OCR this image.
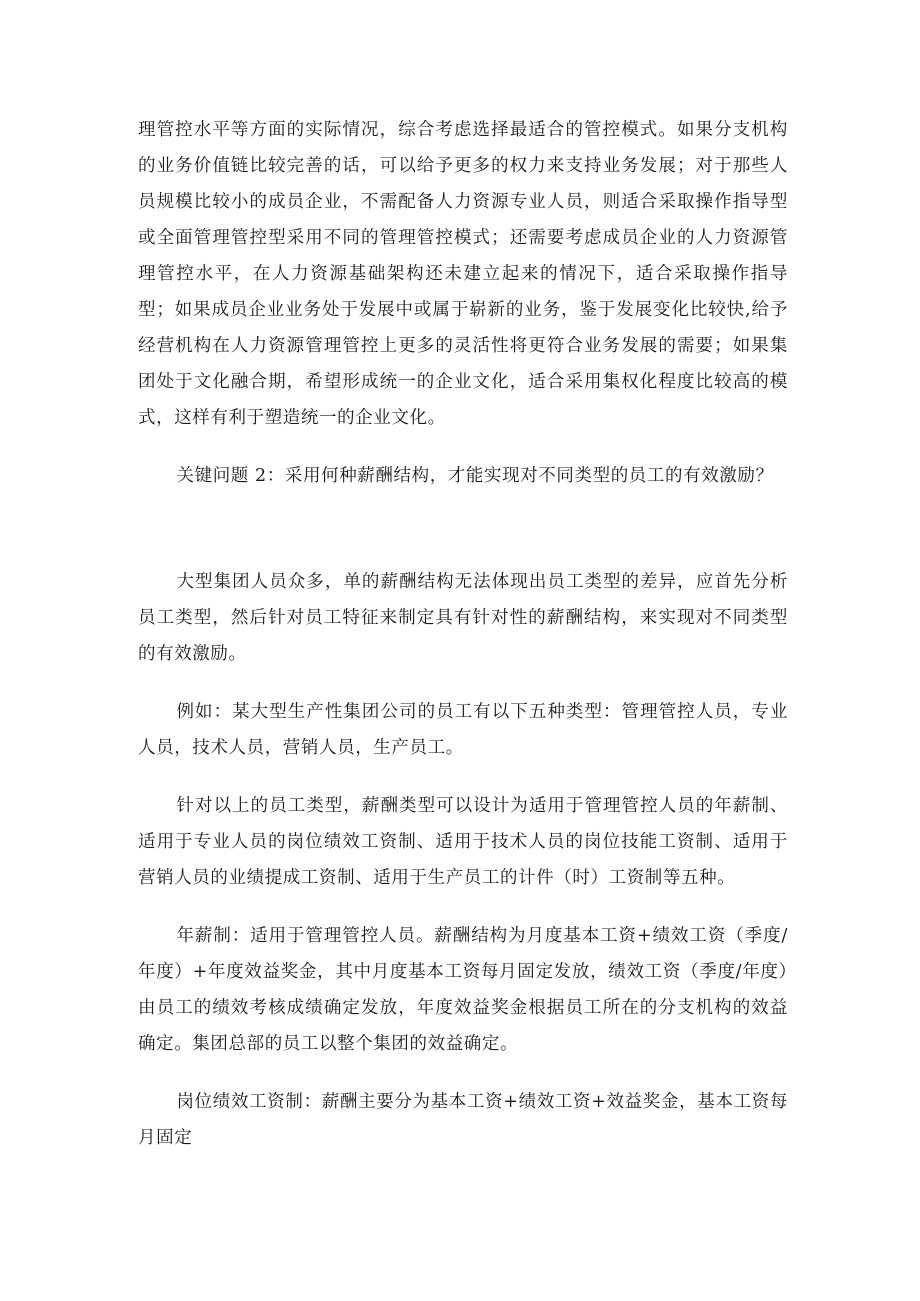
理管控水平等方面的实际情况，综合考虑选择最适合的管控模式。如果分支机构的业务价值链比较完善的话，可以给予更多的权力来支持业务发展；对于那些人员规模比较小的成员企业，不需配备人力资源专业人员，则适合采取操作指导型或全面管理管控型采用不同的管理管控模式；还需要考虑成员企业的人力资源管理管控水平，在人力资源基础架构还未建立起来的情况下，适合采取操作指导型；如果成员企业业务处于发展中或属于崭新的业务，鉴于发展变化比较快,给予经营机构在人力资源管理管控上更多的灵活性将更符合业务发展的需要；如果集团处于文化融合期，希望形成统一的企业文化，适合采用集权化程度比较高的模式，这样有利于塑造统一的企业文化。

关键问题 2：采用何种薪酬结构，才能实现对不同类型的员工的有效激励？

大型集团人员众多，单的薪酬结构无法体现出员工类型的差异，应首先分析员工类型，然后针对员工特征来制定具有针对性的薪酬结构，来实现对不同类型的有效激励。

例如：某大型生产性集团公司的员工有以下五种类型：管理管控人员，专业人员，技术人员，营销人员，生产员工。

针对以上的员工类型，薪酬类型可以设计为适用于管理管控人员的年薪制、适用于专业人员的岗位绩效工资制、适用于技术人员的岗位技能工资制、适用于营销人员的业绩提成工资制、适用于生产员工的计件（时）工资制等五种。

年薪制：适用于管理管控人员。薪酬结构为月度基本工资+绩效工资（季度/年度）+年度效益奖金，其中月度基本工资每月固定发放，绩效工资（季度/年度）由员工的绩效考核成绩确定发放，年度效益奖金根据员工所在的分支机构的效益确定。集团总部的员工以整个集团的效益确定。

岗位绩效工资制：薪酬主要分为基本工资+绩效工资+效益奖金，基本工资每月固定
